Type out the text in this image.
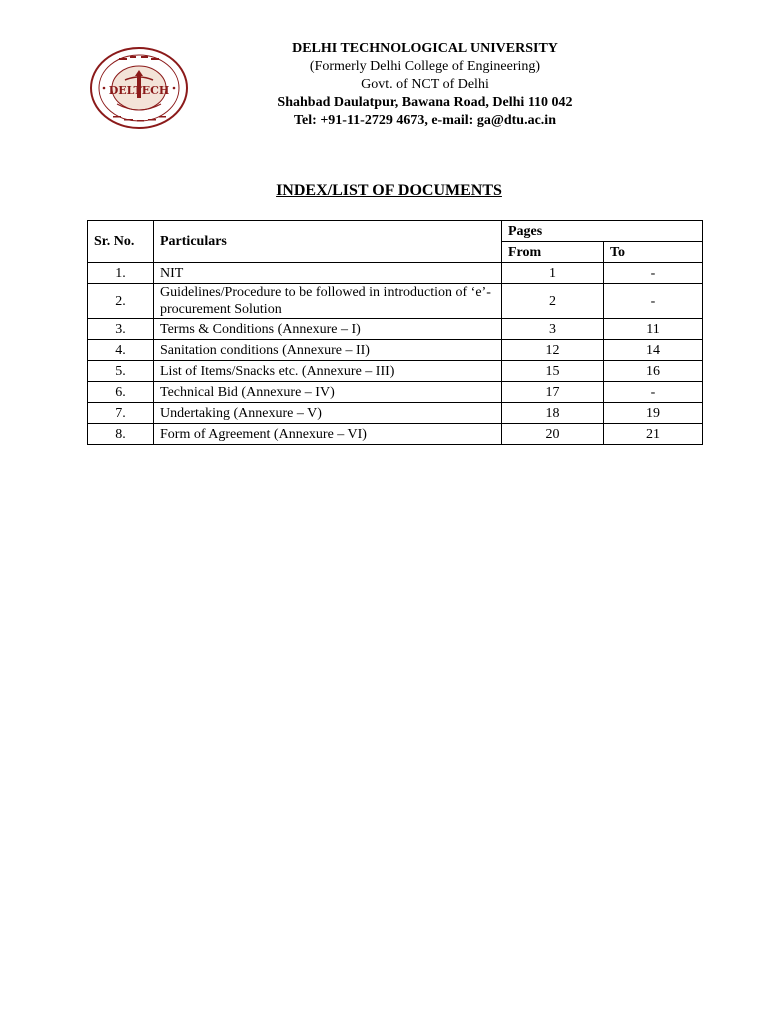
DELTECH
DELHI TECHNOLOGICAL UNIVERSITY
(Formerly Delhi College of Engineering)
Govt. of NCT of Delhi
Shahbad Daulatpur, Bawana Road, Delhi 110 042
Tel: +91-11-2729 4673, e-mail: ga@dtu.ac.in
INDEX/LIST OF DOCUMENTS
Sr. No.	Particulars	Pages	
		From	To
1.	NIT	1	-
2.	Guidelines/Procedure to be followed in introduction of ‘e’-procurement Solution	2	-
3.	Terms & Conditions (Annexure – I)	3	11
4.	Sanitation conditions (Annexure – II)	12	14
5.	List of Items/Snacks etc. (Annexure – III)	15	16
6.	Technical Bid (Annexure – IV)	17	-
7.	Undertaking (Annexure – V)	18	19
8.	Form of Agreement (Annexure – VI)	20	21
